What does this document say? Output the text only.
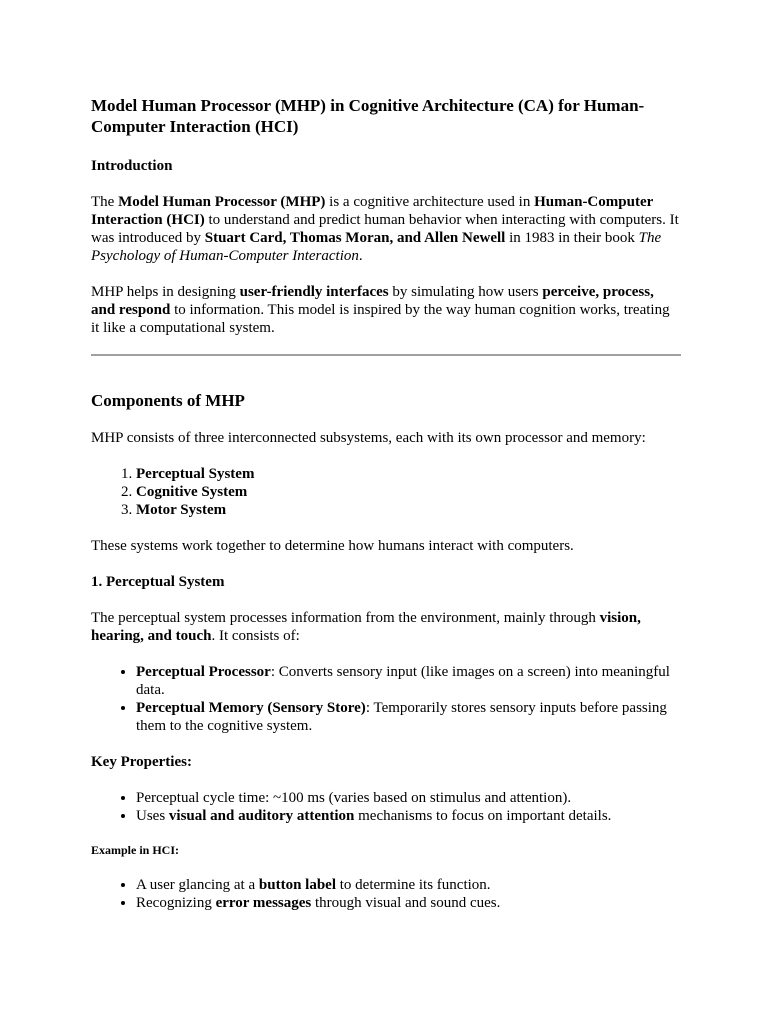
Model Human Processor (MHP) in Cognitive Architecture (CA) for Human-Computer Interaction (HCI)
Introduction

The Model Human Processor (MHP) is a cognitive architecture used in Human-Computer Interaction (HCI) to understand and predict human behavior when interacting with computers. It was introduced by Stuart Card, Thomas Moran, and Allen Newell in 1983 in their book The Psychology of Human-Computer Interaction.

MHP helps in designing user-friendly interfaces by simulating how users perceive, process, and respond to information. This model is inspired by the way human cognition works, treating it like a computational system.

Components of MHP

MHP consists of three interconnected subsystems, each with its own processor and memory:

1. Perceptual System
2. Cognitive System
3. Motor System

These systems work together to determine how humans interact with computers.

1. Perceptual System

The perceptual system processes information from the environment, mainly through vision, hearing, and touch. It consists of:

• Perceptual Processor: Converts sensory input (like images on a screen) into meaningful data.
• Perceptual Memory (Sensory Store): Temporarily stores sensory inputs before passing them to the cognitive system.
Key Properties:
• Perceptual cycle time: ~100 ms (varies based on stimulus and attention).
• Uses visual and auditory attention mechanisms to focus on important details.
Example in HCI:
• A user glancing at a button label to determine its function.
• Recognizing error messages through visual and sound cues.
